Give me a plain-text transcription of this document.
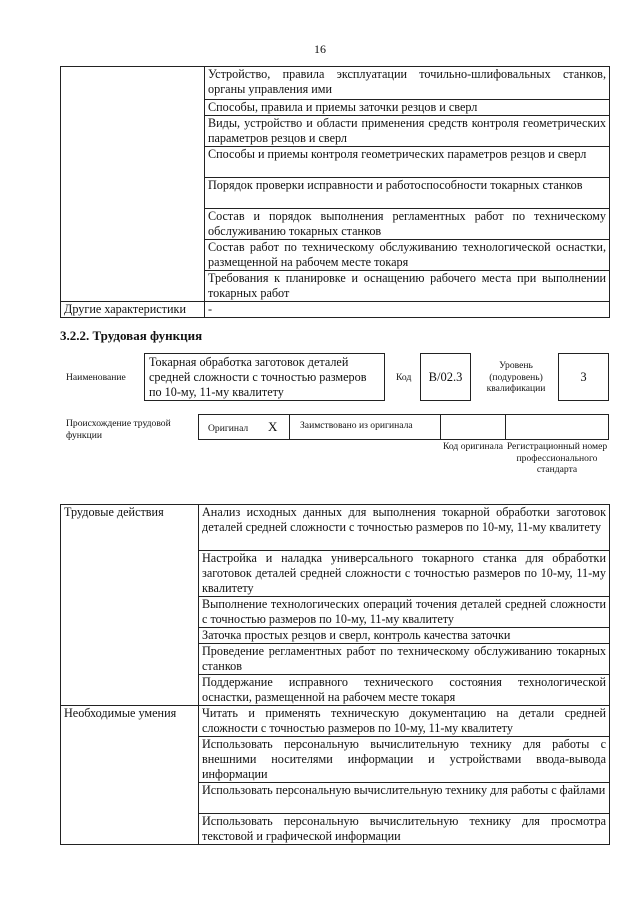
16
	Устройство, правила эксплуатации точильно-шлифовальных станков, органы управления ими
	Способы, правила и приемы заточки резцов и сверл
	Виды, устройство и области применения средств контроля геометрических параметров резцов и сверл
	Способы и приемы контроля геометрических параметров резцов и сверл
	Порядок проверки исправности и работоспособности токарных станков
	Состав и порядок выполнения регламентных работ по техническому обслуживанию токарных станков
	Состав работ по техническому обслуживанию технологической оснастки, размещенной на рабочем месте токаря
	Требования к планировке и оснащению рабочего места при выполнении токарных работ
Другие характеристики	-
3.2.2. Трудовая функция
Наименование
Токарная обработка заготовок деталей средней сложности с точностью размеров по 10-му, 11-му квалитету
Код	B/02.3
Уровень (подуровень) квалификации
3
Происхождение трудовой функции
Оригинал X Заимствовано из оригинала
Код оригинала Регистрационный номер профессионального стандарта
Трудовые действия	Анализ исходных данных для выполнения токарной обработки заготовок деталей средней сложности с точностью размеров по 10-му, 11-му квалитету
	Настройка и наладка универсального токарного станка для обработки заготовок деталей средней сложности с точностью размеров по 10-му, 11-му квалитету
	Выполнение технологических операций точения деталей средней сложности с точностью размеров по 10-му, 11-му квалитету
	Заточка простых резцов и сверл, контроль качества заточки
	Проведение регламентных работ по техническому обслуживанию токарных станков
	Поддержание исправного технического состояния технологической оснастки, размещенной на рабочем месте токаря
Необходимые умения	Читать и применять техническую документацию на детали средней сложности с точностью размеров по 10-му, 11-му квалитету
	Использовать персональную вычислительную технику для работы с внешними носителями информации и устройствами ввода-вывода информации
	Использовать персональную вычислительную технику для работы с файлами
	Использовать персональную вычислительную технику для просмотра текстовой и графической информации
